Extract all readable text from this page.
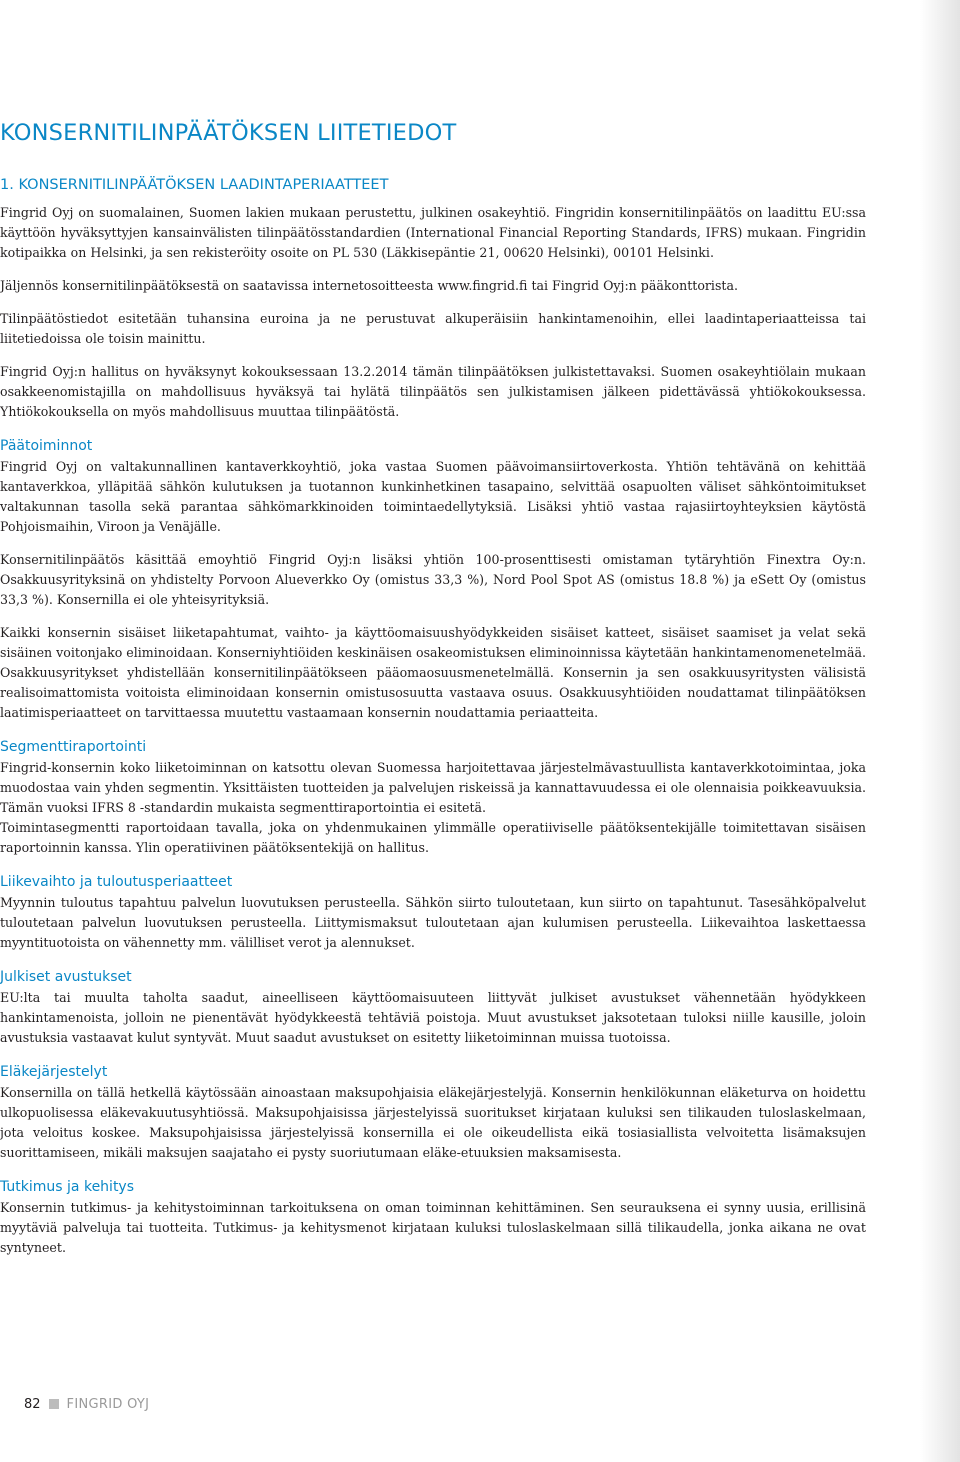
KONSERNITILINPÄÄTÖKSEN LIITETIEDOT
1. KONSERNITILINPÄÄTÖKSEN LAADINTAPERIAATTEET

Fingrid Oyj on suomalainen, Suomen lakien mukaan perustettu, julkinen osakeyhtiö. Fingridin konsernitilinpäätös on laadittu EU:ssa käyttöön hyväksyttyjen kansainvälisten tilinpäätösstandardien (International Financial Reporting Standards, IFRS) mukaan. Fingridin kotipaikka on Helsinki, ja sen rekisteröity osoite on PL 530 (Läkkisepäntie 21, 00620 Helsinki), 00101 Helsinki.

Jäljennös konsernitilinpäätöksestä on saatavissa internetosoitteesta www.fingrid.fi tai Fingrid Oyj:n pääkonttorista.

Tilinpäätöstiedot esitetään tuhansina euroina ja ne perustuvat alkuperäisiin hankintamenoihin, ellei laadintaperiaatteissa tai liitetiedoissa ole toisin mainittu.

Fingrid Oyj:n hallitus on hyväksynyt kokouksessaan 13.2.2014 tämän tilinpäätöksen julkistettavaksi. Suomen osakeyhtiölain mukaan osakkeenomistajilla on mahdollisuus hyväksyä tai hylätä tilinpäätös sen julkistamisen jälkeen pidettävässä yhtiökokouksessa. Yhtiökokouksella on myös mahdollisuus muuttaa tilinpäätöstä.

Päätoiminnot

Fingrid Oyj on valtakunnallinen kantaverkkoyhtiö, joka vastaa Suomen päävoimansiirtoverkosta. Yhtiön tehtävänä on kehittää kantaverkkoa, ylläpitää sähkön kulutuksen ja tuotannon kunkinhetkinen tasapaino, selvittää osapuolten väliset sähköntoimitukset valtakunnan tasolla sekä parantaa sähkömarkkinoiden toimintaedellytyksiä. Lisäksi yhtiö vastaa rajasiirtoyhteyksien käytöstä Pohjoismaihin, Viroon ja Venäjälle.

Konsernitilinpäätös käsittää emoyhtiö Fingrid Oyj:n lisäksi yhtiön 100-prosenttisesti omistaman tytäryhtiön Finextra Oy:n. Osakkuusyrityksinä on yhdistelty Porvoon Alueverkko Oy (omistus 33,3 %), Nord Pool Spot AS (omistus 18.8 %) ja eSett Oy (omistus 33,3 %). Konsernilla ei ole yhteisyrityksiä.

Kaikki konsernin sisäiset liiketapahtumat, vaihto- ja käyttöomaisuushyödykkeiden sisäiset katteet, sisäiset saamiset ja velat sekä sisäinen voitonjako eliminoidaan. Konserniyhtiöiden keskinäisen osakeomistuksen eliminoinnissa käytetään hankintamenomenetelmää. Osakkuusyritykset yhdistellään konsernitilinpäätökseen pääomaosuusmenetelmällä. Konsernin ja sen osakkuusyritysten välisistä realisoimattomista voitoista eliminoidaan konsernin omistusosuutta vastaava osuus. Osakkuusyhtiöiden noudattamat tilinpäätöksen laatimisperiaatteet on tarvittaessa muutettu vastaamaan konsernin noudattamia periaatteita.

Segmenttiraportointi

Fingrid-konsernin koko liiketoiminnan on katsottu olevan Suomessa harjoitettavaa järjestelmävastuullista kantaverkkotoimintaa, joka muodostaa vain yhden segmentin. Yksittäisten tuotteiden ja palvelujen riskeissä ja kannattavuudessa ei ole olennaisia poikkeavuuksia. Tämän vuoksi IFRS 8 -standardin mukaista segmenttiraportointia ei esitetä.

Toimintasegmentti raportoidaan tavalla, joka on yhdenmukainen ylimmälle operatiiviselle päätöksentekijälle toimitettavan sisäisen raportoinnin kanssa. Ylin operatiivinen päätöksentekijä on hallitus.

Liikevaihto ja tuloutusperiaatteet

Myynnin tuloutus tapahtuu palvelun luovutuksen perusteella. Sähkön siirto tuloutetaan, kun siirto on tapahtunut. Tasesähköpalvelut tuloutetaan palvelun luovutuksen perusteella. Liittymismaksut tuloutetaan ajan kulumisen perusteella. Liikevaihtoa laskettaessa myyntituotoista on vähennetty mm. välilliset verot ja alennukset.

Julkiset avustukset

EU:lta tai muulta taholta saadut, aineelliseen käyttöomaisuuteen liittyvät julkiset avustukset vähennetään hyödykkeen hankintamenoista, jolloin ne pienentävät hyödykkeestä tehtäviä poistoja. Muut avustukset jaksotetaan tuloksi niille kausille, joloin avustuksia vastaavat kulut syntyvät. Muut saadut avustukset on esitetty liiketoiminnan muissa tuotoissa.

Eläkejärjestelyt

Konsernilla on tällä hetkellä käytössään ainoastaan maksupohjaisia eläkejärjestelyjä. Konsernin henkilökunnan eläketurva on hoidettu ulkopuolisessa eläkevakuutusyhtiössä. Maksupohjaisissa järjestelyissä suoritukset kirjataan kuluksi sen tilikauden tuloslaskelmaan, jota veloitus koskee. Maksupohjaisissa järjestelyissä konsernilla ei ole oikeudellista eikä tosiasiallista velvoitetta lisämaksujen suorittamiseen, mikäli maksujen saajataho ei pysty suoriutumaan eläke-etuuksien maksamisesta.

Tutkimus ja kehitys

Konsernin tutkimus- ja kehitystoiminnan tarkoituksena on oman toiminnan kehittäminen. Sen seurauksena ei synny uusia, erillisinä myytäviä palveluja tai tuotteita. Tutkimus- ja kehitysmenot kirjataan kuluksi tuloslaskelmaan sillä tilikaudella, jonka aikana ne ovat syntyneet.

82 FINGRID OYJ
